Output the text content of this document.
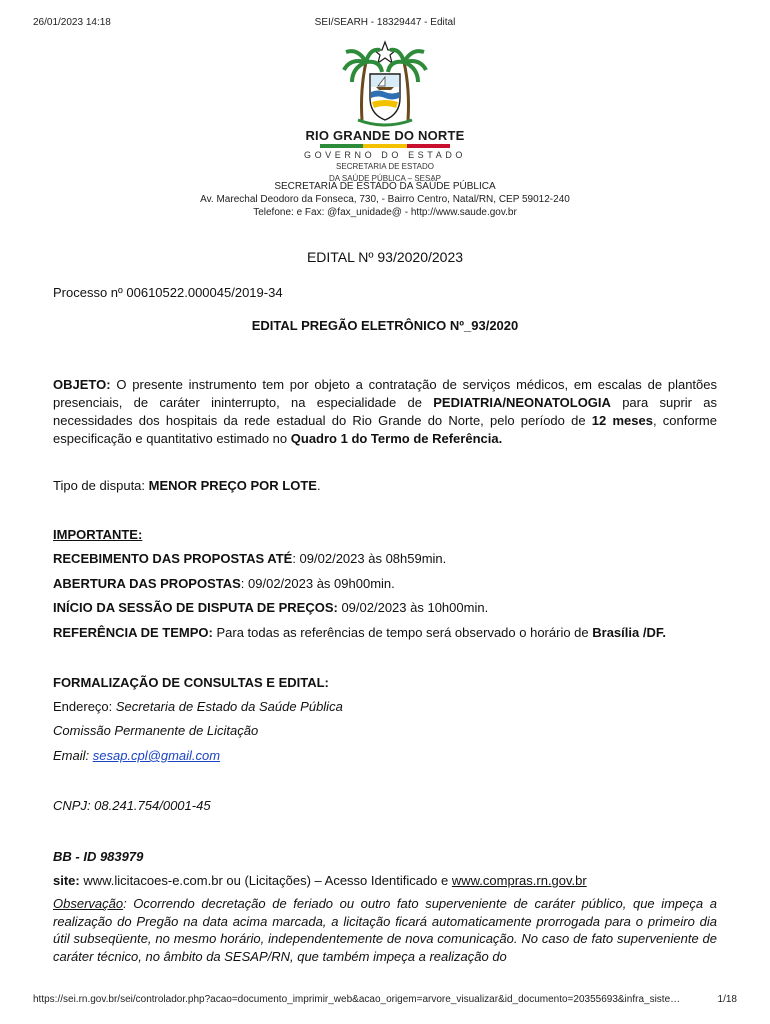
26/01/2023 14:18	SEI/SEARH - 18329447 - Edital
RIO GRANDE DO NORTE
GOVERNO DO ESTADO
SECRETARIA DE ESTADO
DA SAÚDE PÚBLICA – SESAP
SECRETARIA DE ESTADO DA SAÚDE PÚBLICA
Av. Marechal Deodoro da Fonseca, 730, - Bairro Centro, Natal/RN, CEP 59012-240
Telefone: e Fax: @fax_unidade@ - http://www.saude.gov.br
EDITAL Nº 93/2020/2023
Processo nº 00610522.000045/2019-34
EDITAL PREGÃO ELETRÔNICO Nº_93/2020
OBJETO: O presente instrumento tem por objeto a contratação de serviços médicos, em escalas de plantões presenciais, de caráter ininterrupto, na especialidade de PEDIATRIA/NEONATOLOGIA para suprir as necessidades dos hospitais da rede estadual do Rio Grande do Norte, pelo período de 12 meses, conforme especificação e quantitativo estimado no Quadro 1 do Termo de Referência.
Tipo de disputa: MENOR PREÇO POR LOTE.
IMPORTANTE:
RECEBIMENTO DAS PROPOSTAS ATÉ: 09/02/2023 às 08h59min.
ABERTURA DAS PROPOSTAS: 09/02/2023 às 09h00min.
INÍCIO DA SESSÃO DE DISPUTA DE PREÇOS: 09/02/2023 às 10h00min.
REFERÊNCIA DE TEMPO: Para todas as referências de tempo será observado o horário de Brasília /DF.
FORMALIZAÇÃO DE CONSULTAS E EDITAL:
Endereço: Secretaria de Estado da Saúde Pública
Comissão Permanente de Licitação
Email: sesap.cpl@gmail.com
CNPJ: 08.241.754/0001-45
BB - ID 983979
site: www.licitacoes-e.com.br ou (Licitações) – Acesso Identificado e www.compras.rn.gov.br
Observação: Ocorrendo decretação de feriado ou outro fato superveniente de caráter público, que impeça a realização do Pregão na data acima marcada, a licitação ficará automaticamente prorrogada para o primeiro dia útil subseqüente, no mesmo horário, independentemente de nova comunicação. No caso de fato superveniente de caráter técnico, no âmbito da SESAP/RN, que também impeça a realização do
https://sei.rn.gov.br/sei/controlador.php?acao=documento_imprimir_web&acao_origem=arvore_visualizar&id_documento=20355693&infra_siste…	1/18
